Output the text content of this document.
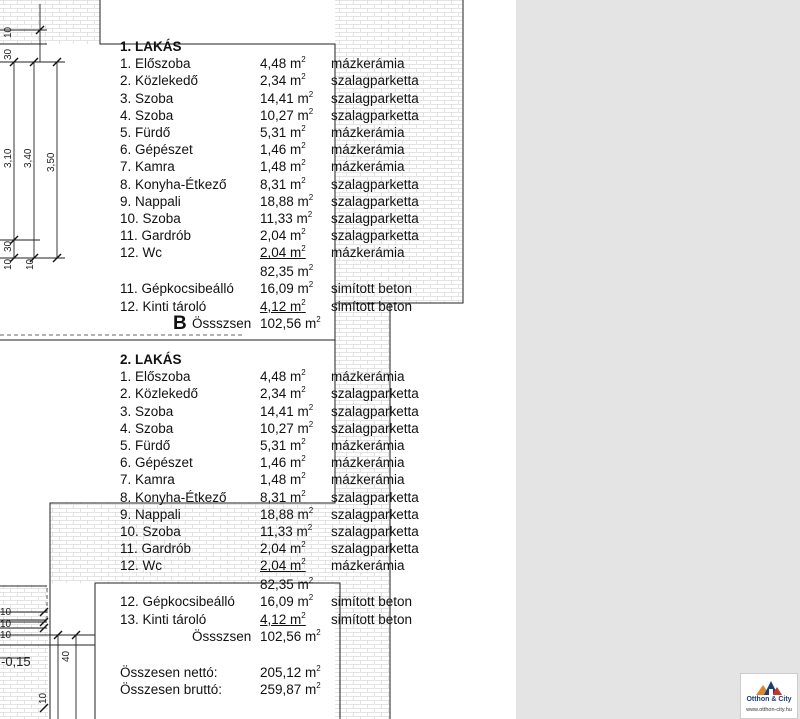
10
30
3,10 3,40 3,50
30
10 10
10
10
10
-0,15	40
10
B
1. LAKÁS
1. Előszoba	4,48 $m^2$ mázkerámia
2. Közlekedő	2,34 $m^2$ szalagparketta
3. Szoba	14,41 $m^2$ szalagparketta
4. Szoba	10,27 $m^2$ szalagparketta
5. Fürdő	5,31 $m^2$ mázkerámia
6. Gépészet	1,46 $m^2$ mázkerámia
7. Kamra	1,48 $m^2$ mázkerámia
8. Konyha-Étkező 8,31 $m^2$ szalagparketta
9. Nappali	18,88 $m^2$ szalagparketta
10. Szoba	11,33 $m^2$ szalagparketta
11. Gardrób	2,04 $m^2$ szalagparketta
12. Wc	2,04 $m^2$ mázkerámia
82,35 $m^2$
11. Gépkocsibeálló 16,09 $m^2$ simított beton
12. Kinti tároló	4,12 $m^2$ simított beton
Össszsen 102,56 $m^2$
2. LAKÁS
1. Előszoba	4,48 $m^2$ mázkerámia
2. Közlekedő	2,34 $m^2$ szalagparketta
3. Szoba	14,41 $m^2$ szalagparketta
4. Szoba	10,27 $m^2$ szalagparketta
5. Fürdő	5,31 $m^2$ mázkerámia
6. Gépészet	1,46 $m^2$ mázkerámia
7. Kamra	1,48 $m^2$ mázkerámia
8. Konyha-Étkező 8,31 $m^2$ szalagparketta
9. Nappali	18,88 $m^2$ szalagparketta
10. Szoba	11,33 $m^2$ szalagparketta
11. Gardrób	2,04 $m^2$ szalagparketta
12. Wc	2,04 $m^2$ mázkerámia
82,35 $m^2$
12. Gépkocsibeálló 16,09 $m^2$ simított beton
13. Kinti tároló	4,12 $m^2$ simított beton
Össszsen 102,56 $m^2$
Összesen nettó:	205,12 $m^2$
Összesen bruttó:	259,87 $m^2$
Otthon & City
www.otthon-city.hu
